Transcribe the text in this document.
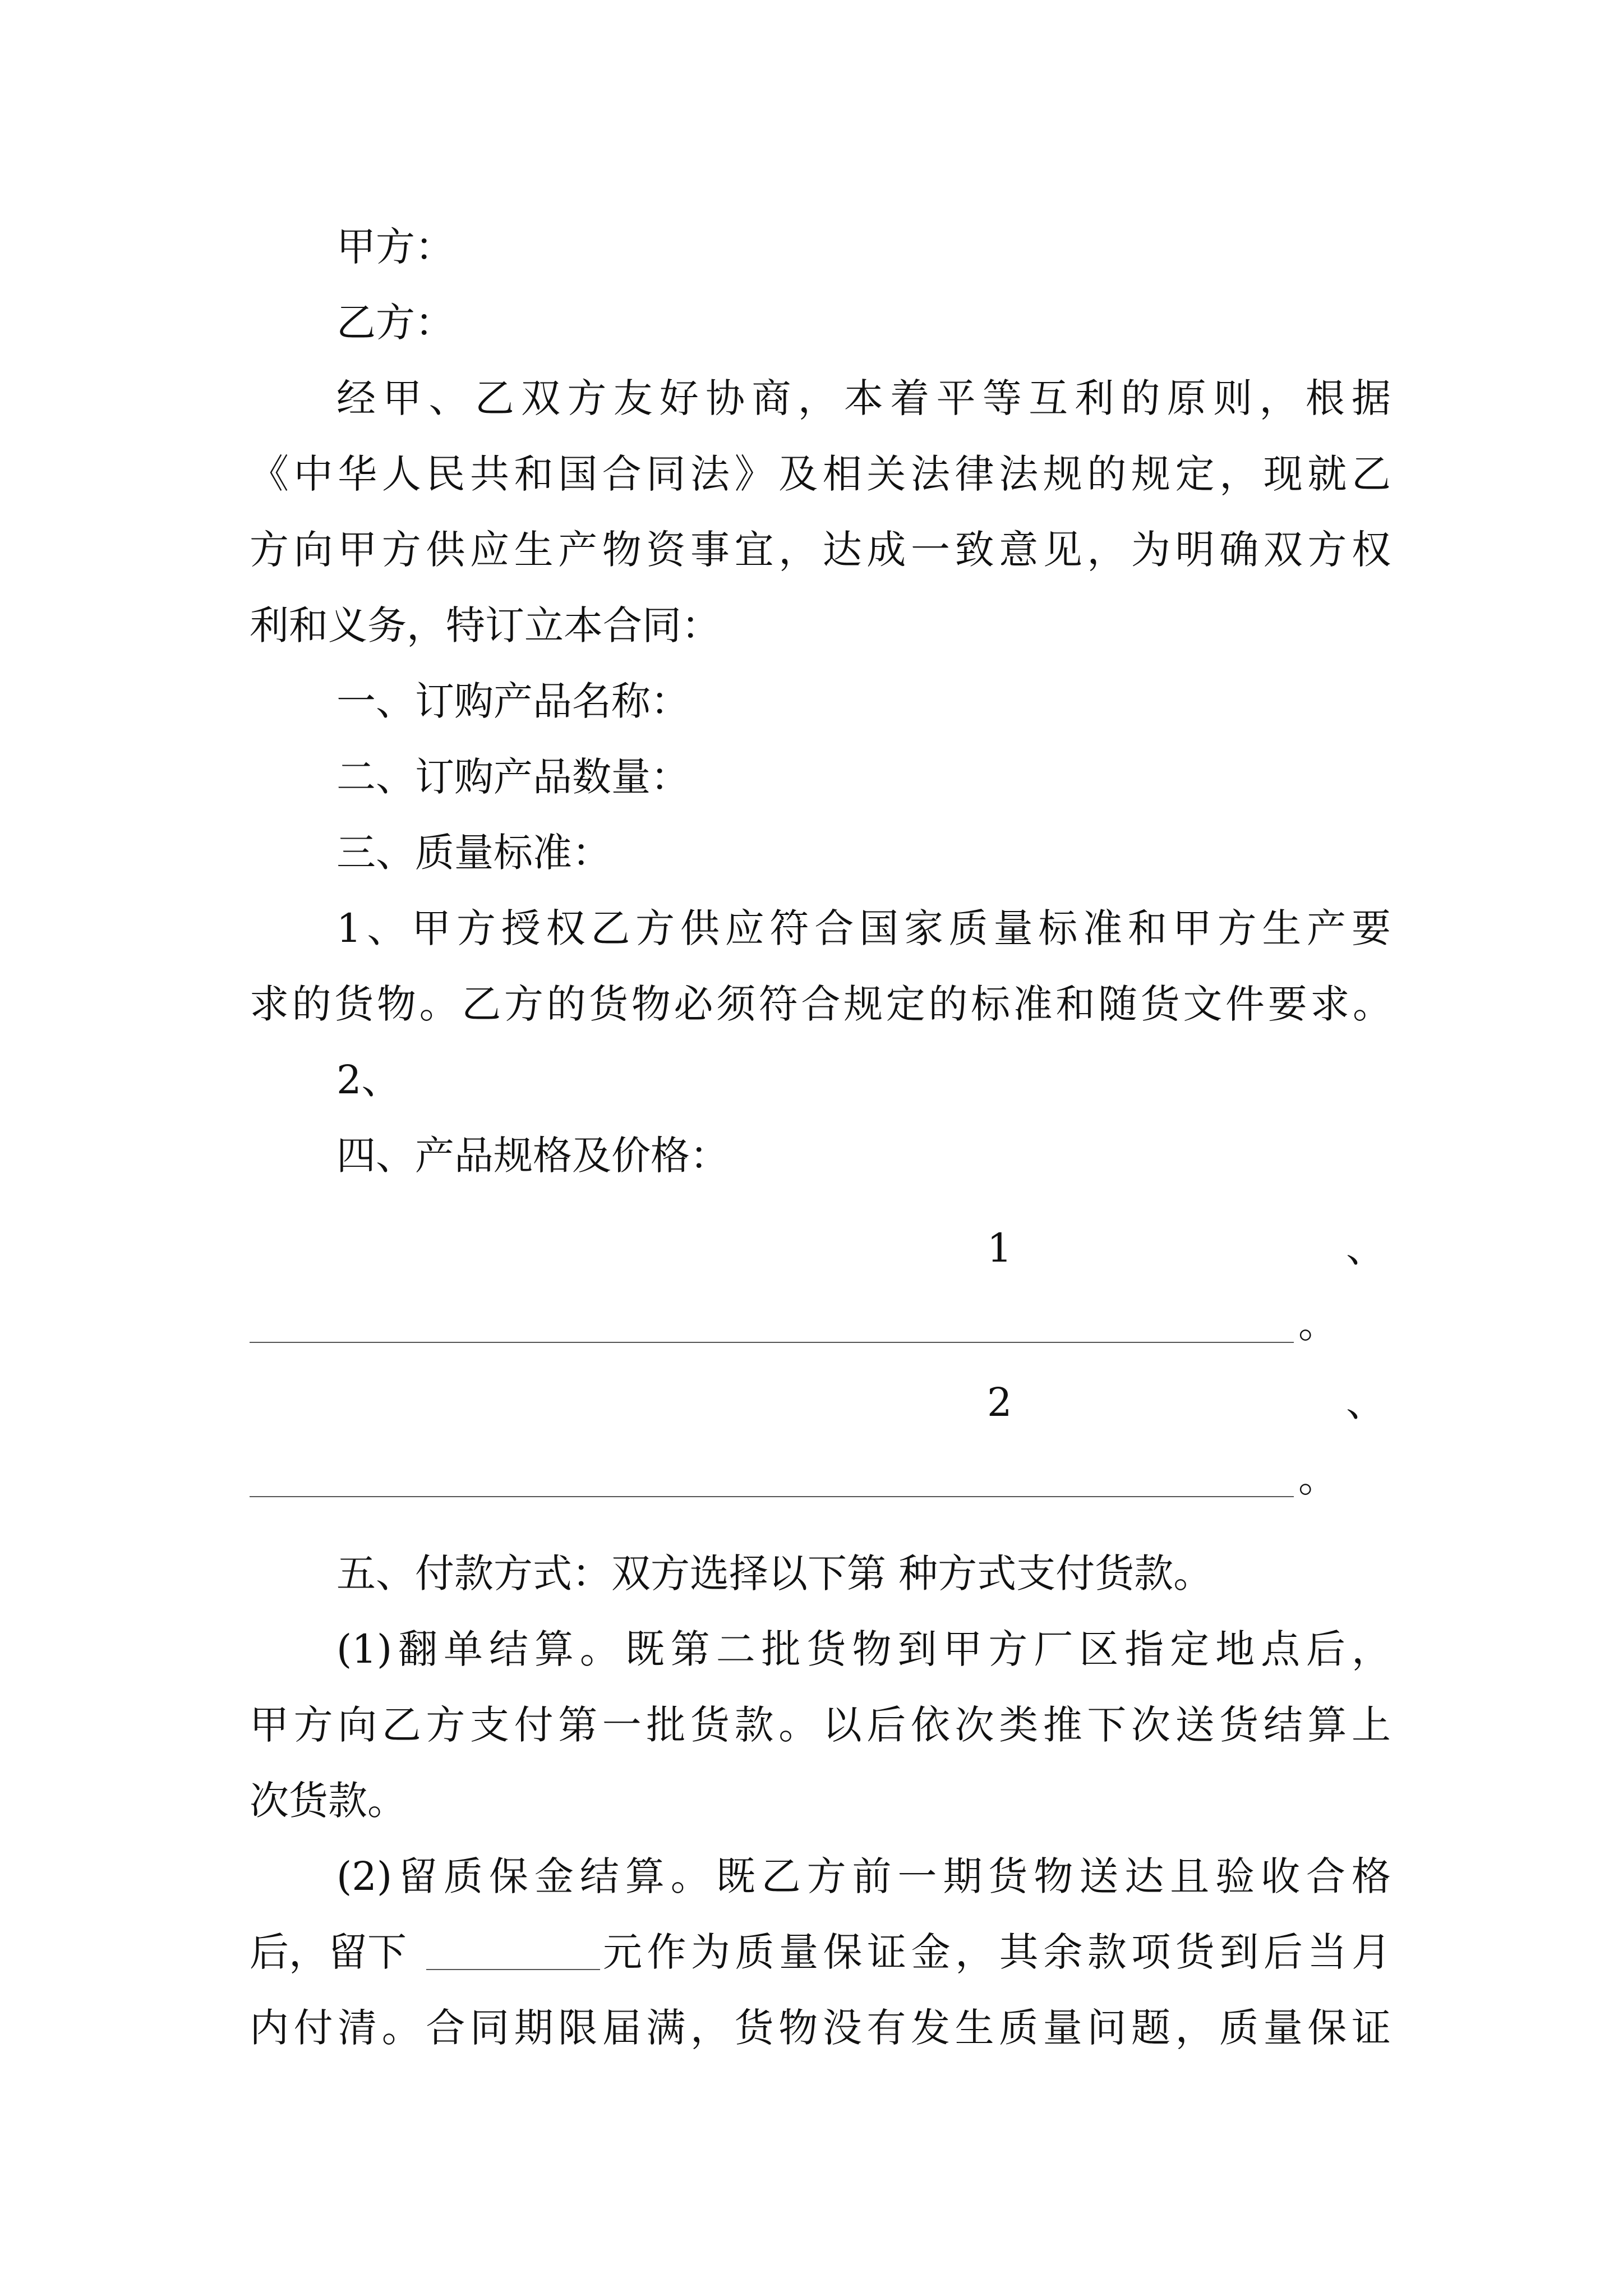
甲方：
乙方：
经甲、乙双方友好协商，本着平等互利的原则，根据
《中华人民共和国合同法》及相关法律法规的规定，现就乙
方向甲方供应生产物资事宜，达成一致意见，为明确双方权
利和义务，特订立本合同：
一、订购产品名称：
二、订购产品数量：
三、质量标准：
1、甲方授权乙方供应符合国家质量标准和甲方生产要
求的货物。乙方的货物必须符合规定的标准和随货文件要求。
2、
四、产品规格及价格：
1	、
。
2	、
。
五、付款方式：双方选择以下第 种方式支付货款。
(1)翻单结算。既第二批货物到甲方厂区指定地点后，
甲方向乙方支付第一批货款。以后依次类推下次送货结算上
次货款。
(2)留质保金结算。既乙方前一期货物送达且验收合格
后，留下	元作为质量保证金，其余款项货到后当月
内付清。合同期限届满，货物没有发生质量问题，质量保证
